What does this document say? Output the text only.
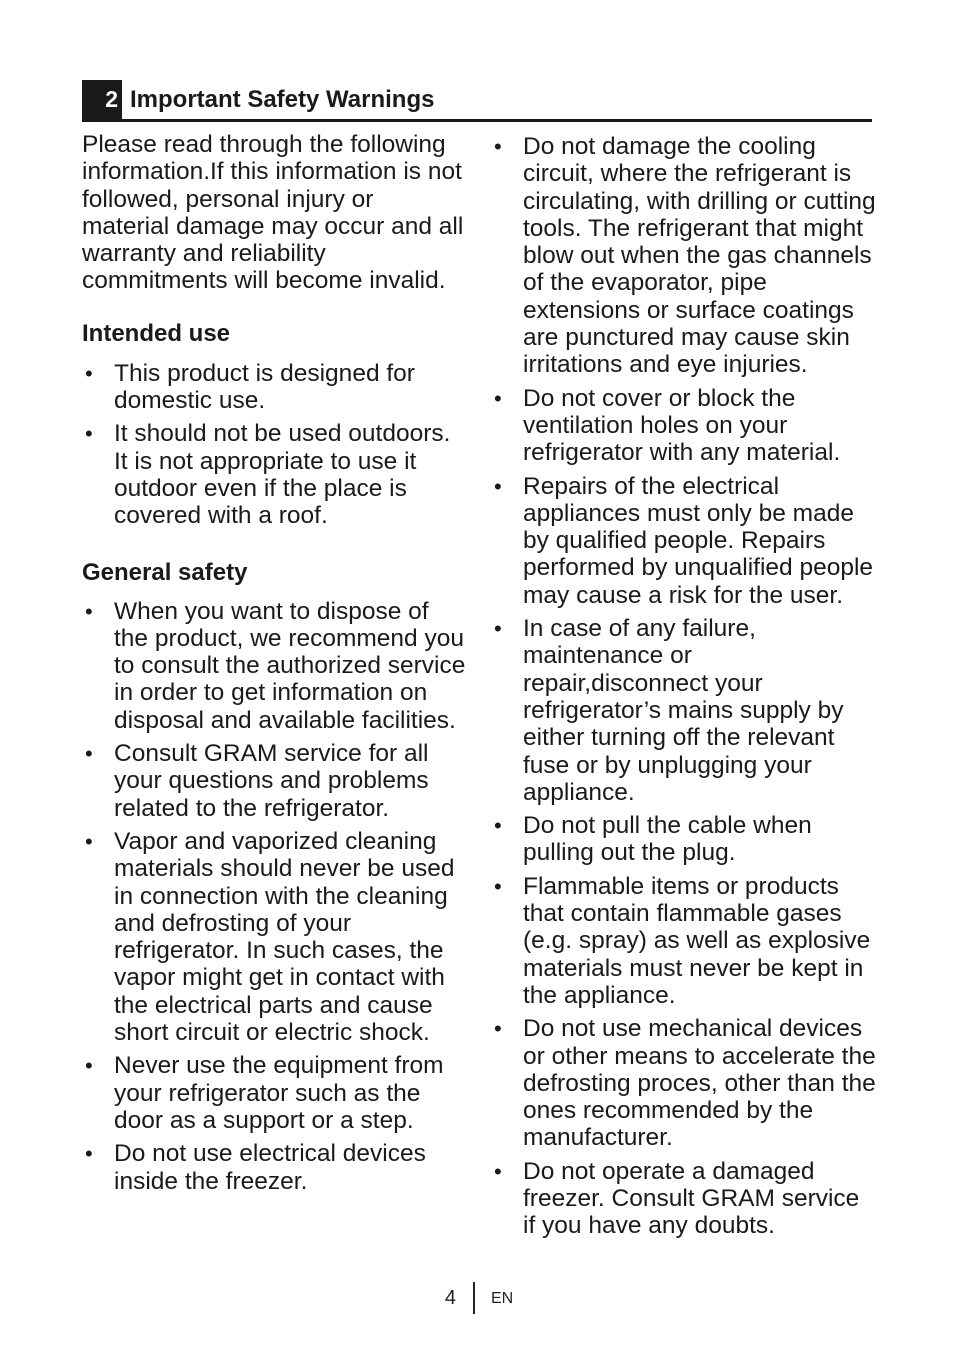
2 Important Safety Warnings

Please read through the following information.If this information is not followed, personal injury or material damage may occur and all warranty and reliability commitments will become invalid.

Intended use
• This product is designed for domestic use.
• It should not be used outdoors. It is not appropriate to use it outdoor even if the place is covered with a roof.
General safety
• When you want to dispose of the product, we recommend you to consult the authorized service in order to get information on disposal and available facilities.
• Consult GRAM service for all your questions and problems related to the refrigerator.
• Vapor and vaporized cleaning materials should never be used in connection with the cleaning and defrosting of your refrigerator. In such cases, the vapor might get in contact with the electrical parts and cause short circuit or electric shock.
• Never use the equipment from your refrigerator such as the door as a support or a step.
• Do not use electrical devices inside the freezer.
• Do not damage the cooling circuit, where the refrigerant is circulating, with drilling or cutting tools. The refrigerant that might blow out when the gas channels of the evaporator, pipe extensions or surface coatings are punctured may cause skin irritations and eye injuries.
• Do not cover or block the ventilation holes on your refrigerator with any material.
• Repairs of the electrical appliances must only be made by qualified people. Repairs performed by unqualified people may cause a risk for the user.
• In case of any failure, maintenance or repair,disconnect your refrigerator’s mains supply by either turning off the relevant fuse or by unplugging your appliance.
• Do not pull the cable when pulling out the plug.
• Flammable items or products that contain flammable gases (e.g. spray) as well as explosive materials must never be kept in the appliance.
• Do not use mechanical devices or other means to accelerate the defrosting proces, other than the ones recommended by the manufacturer.
• Do not operate a damaged freezer. Consult GRAM service if you have any doubts.
4 EN
